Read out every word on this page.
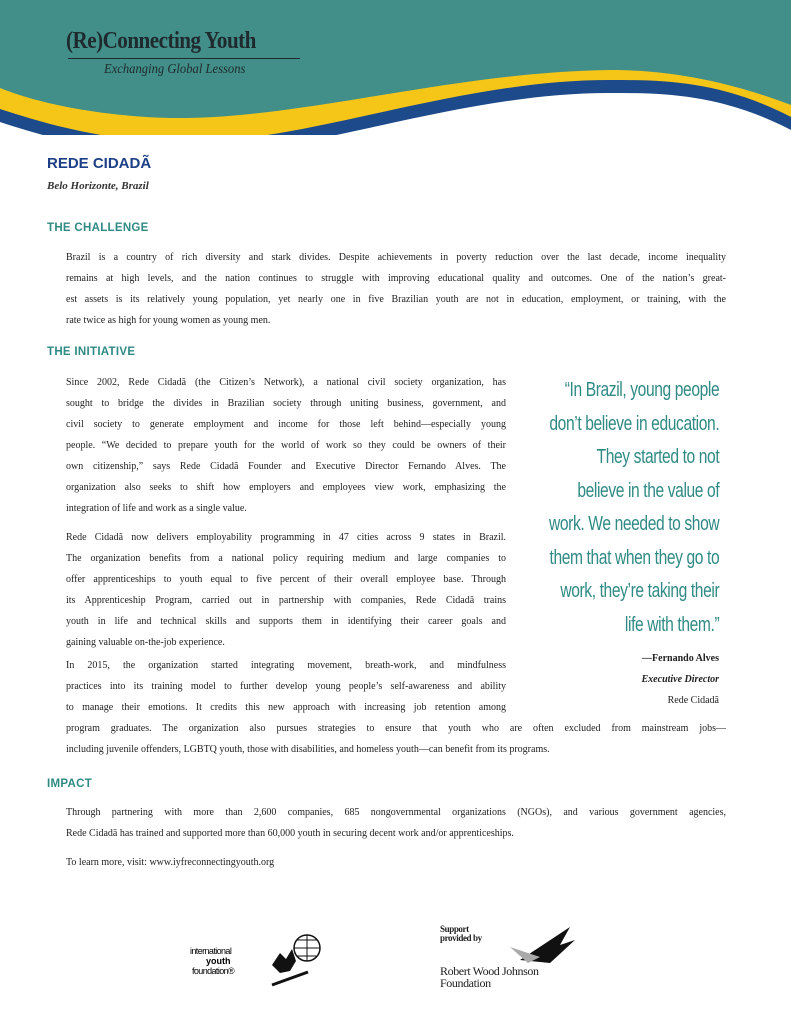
(Re)Connecting Youth
Exchanging Global Lessons
REDE CIDADÃ
Belo Horizonte, Brazil
THE CHALLENGE
Brazil is a country of rich diversity and stark divides. Despite achievements in poverty reduction over the last decade, income inequality
remains at high levels, and the nation continues to struggle with improving educational quality and outcomes. One of the nation’s great-
est assets is its relatively young population, yet nearly one in five Brazilian youth are not in education, employment, or training, with the
rate twice as high for young women as young men.
THE INITIATIVE
Since 2002, Rede Cidadã (the Citizen’s Network), a national civil society organization, has
sought to bridge the divides in Brazilian society through uniting business, government, and
civil society to generate employment and income for those left behind—especially young
people. “We decided to prepare youth for the world of work so they could be owners of their
own citizenship,” says Rede Cidadã Founder and Executive Director Fernando Alves. The
organization also seeks to shift how employers and employees view work, emphasizing the
integration of life and work as a single value.
Rede Cidadã now delivers employability programming in 47 cities across 9 states in Brazil.
The organization benefits from a national policy requiring medium and large companies to
offer apprenticeships to youth equal to five percent of their overall employee base. Through
its Apprenticeship Program, carried out in partnership with companies, Rede Cidadã trains
youth in life and technical skills and supports them in identifying their career goals and
gaining valuable on-the-job experience.
In 2015, the organization started integrating movement, breath-work, and mindfulness
practices into its training model to further develop young people’s self-awareness and ability
to manage their emotions. It credits this new approach with increasing job retention among
program graduates. The organization also pursues strategies to ensure that youth who are often excluded from mainstream jobs—
including juvenile offenders, LGBTQ youth, those with disabilities, and homeless youth—can benefit from its programs.
“In Brazil, young people
don’t believe in education.
They started to not
believe in the value of
work. We needed to show
them that when they go to
work, they’re taking their
life with them.”
—Fernando Alves
Executive Director
Rede Cidadã
IMPACT
Through partnering with more than 2,600 companies, 685 nongovernmental organizations (NGOs), and various government agencies,
Rede Cidadã has trained and supported more than 60,000 youth in securing decent work and/or apprenticeships.
To learn more, visit: www.iyfreconnectingyouth.org
international
youth
foundation®
Support
provided by
Robert Wood Johnson
Foundation
